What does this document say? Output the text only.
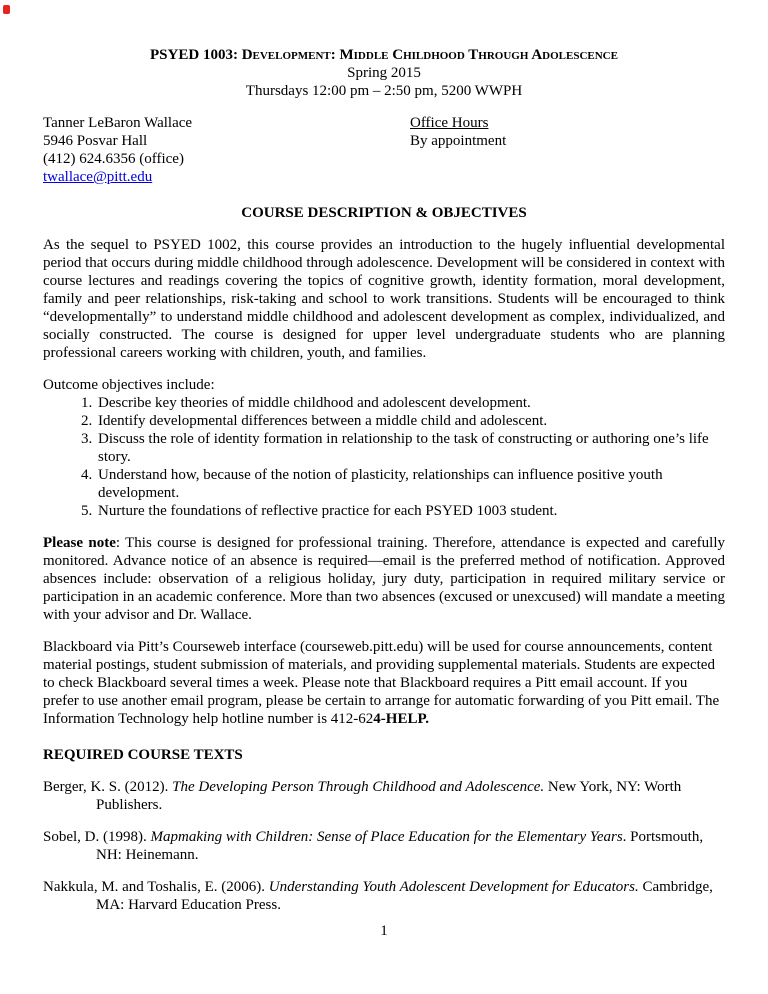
PSYED 1003: Development: Middle Childhood Through Adolescence
Spring 2015
Thursdays 12:00 pm – 2:50 pm, 5200 WWPH
Tanner LeBaron Wallace
5946 Posvar Hall
(412) 624.6356 (office)
twallace@pitt.edu
Office Hours
By appointment
COURSE DESCRIPTION & OBJECTIVES

As the sequel to PSYED 1002, this course provides an introduction to the hugely influential developmental period that occurs during middle childhood through adolescence. Development will be considered in context with course lectures and readings covering the topics of cognitive growth, identity formation, moral development, family and peer relationships, risk-taking and school to work transitions. Students will be encouraged to think “developmentally” to understand middle childhood and adolescent development as complex, individualized, and socially constructed. The course is designed for upper level undergraduate students who are planning professional careers working with children, youth, and families.

Outcome objectives include:
1. Describe key theories of middle childhood and adolescent development.
2. Identify developmental differences between a middle child and adolescent.
3. Discuss the role of identity formation in relationship to the task of constructing or authoring one’s life story.
4. Understand how, because of the notion of plasticity, relationships can influence positive youth development.
5. Nurture the foundations of reflective practice for each PSYED 1003 student.

Please note: This course is designed for professional training. Therefore, attendance is expected and carefully monitored. Advance notice of an absence is required—email is the preferred method of notification. Approved absences include: observation of a religious holiday, jury duty, participation in required military service or participation in an academic conference. More than two absences (excused or unexcused) will mandate a meeting with your advisor and Dr. Wallace.

Blackboard via Pitt’s Courseweb interface (courseweb.pitt.edu) will be used for course announcements, content material postings, student submission of materials, and providing supplemental materials. Students are expected to check Blackboard several times a week. Please note that Blackboard requires a Pitt email account. If you prefer to use another email program, please be certain to arrange for automatic forwarding of you Pitt email. The Information Technology help hotline number is 412-624-HELP.

REQUIRED COURSE TEXTS

Berger, K. S. (2012). The Developing Person Through Childhood and Adolescence. New York, NY: Worth Publishers.

Sobel, D. (1998). Mapmaking with Children: Sense of Place Education for the Elementary Years. Portsmouth, NH: Heinemann.

Nakkula, M. and Toshalis, E. (2006). Understanding Youth Adolescent Development for Educators. Cambridge, MA: Harvard Education Press.

1
